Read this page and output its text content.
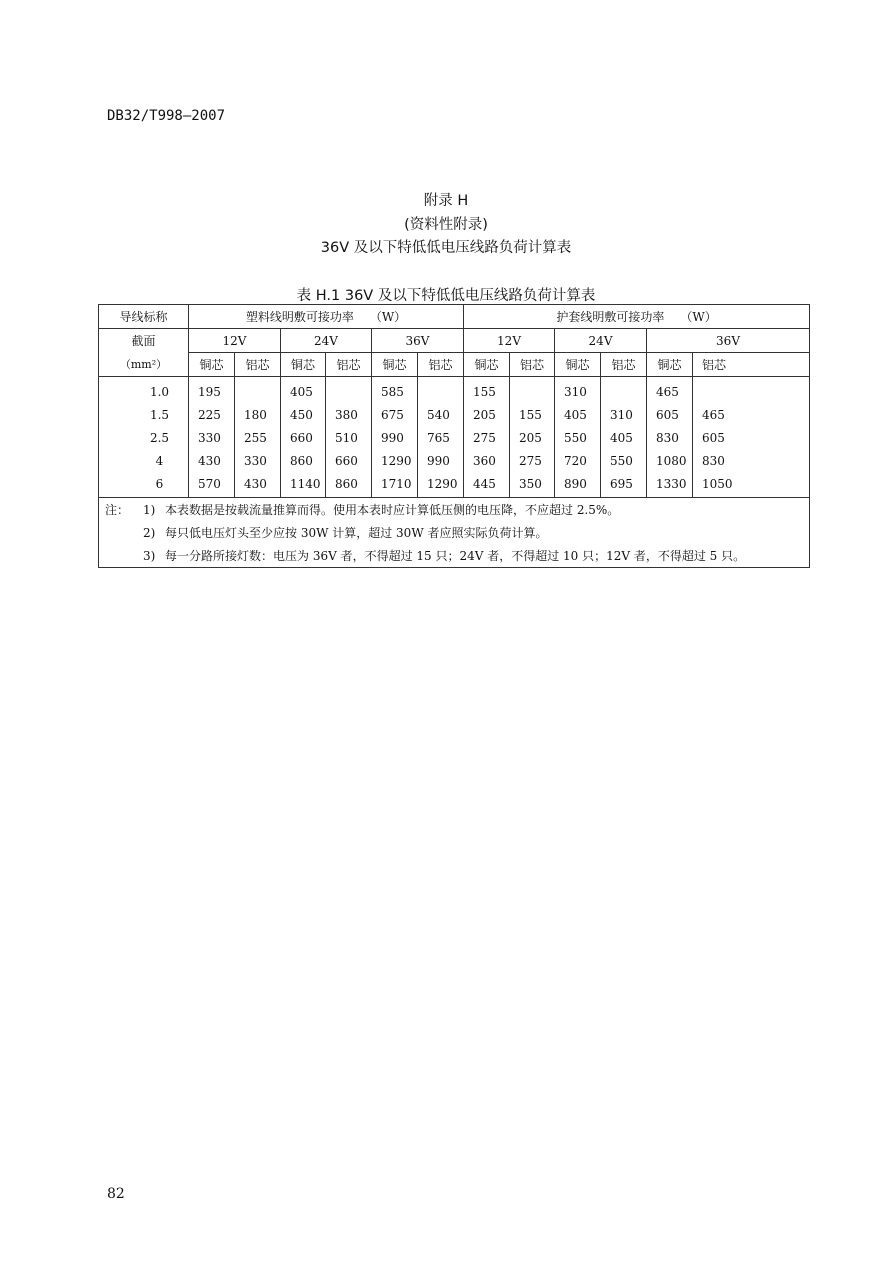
DB32/T998—2007
附录 H
(资料性附录)
36V 及以下特低低电压线路负荷计算表
表 H.1 36V 及以下特低低电压线路负荷计算表
导线标称	塑料线明敷可接功率 （W）						护套线明敷可接功率 （W）					
截面	12V		24V		36V		12V		24V		36V	
（mm²）	铜芯	铝芯	铜芯	铝芯	铜芯	铝芯	铜芯	铝芯	铜芯	铝芯	铜芯	铝芯
1.0	195		405		585		155		310		465	
1.5	225	180	450	380	675	540	205	155	405	310	605	465
2.5	330	255	660	510	990	765	275	205	550	405	830	605
4	430	330	860	660	1290	990	360	275	720	550	1080	830
6	570	430	1140	860	1710	1290	445	350	890	695	1330	1050
注： 1) 本表数据是按载流量推算而得。使用本表时应计算低压侧的电压降，不应超过 2.5%。												
2) 每只低电压灯头至少应按 30W 计算，超过 30W 者应照实际负荷计算。												
3) 每一分路所接灯数：电压为 36V 者，不得超过 15 只；24V 者，不得超过 10 只；12V 者，不得超过 5 只。												
82
